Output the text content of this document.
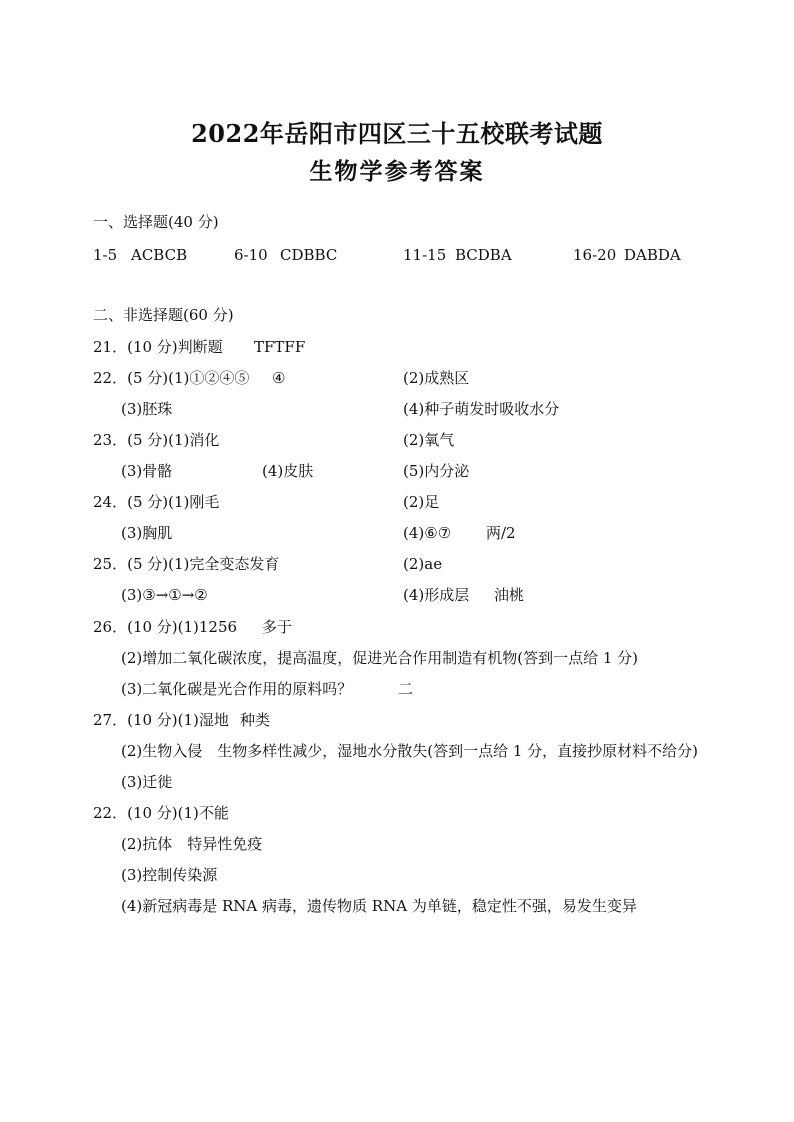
2022年岳阳市四区三十五校联考试题
生物学参考答案
一、选择题(40 分)
1-5 ACBCB	6-10 CDBBC	11-15 BCDBA	16-20 DABDA
二、非选择题(60 分)
21．(10 分)判断题 TFTFF
22．(5 分)(1)①②④⑤ ④	(2)成熟区
(3)胚珠	(4)种子萌发时吸收水分
23．(5 分)(1)消化	(2)氧气
(3)骨骼	(4)皮肤	(5)内分泌
24．(5 分)(1)刚毛	(2)足
(3)胸肌	(4)⑥⑦ 两/2
25．(5 分)(1)完全变态发育	(2)ae
(3)③→①→②	(4)形成层 油桃
26．(10 分)(1)1256 多于
(2)增加二氧化碳浓度，提高温度，促进光合作用制造有机物(答到一点给 1 分)
(3)二氧化碳是光合作用的原料吗？	二
27．(10 分)(1)湿地 种类
(2)生物入侵　生物多样性减少，湿地水分散失(答到一点给 1 分，直接抄原材料不给分)
(3)迁徙
22．(10 分)(1)不能
(2)抗体　特异性免疫
(3)控制传染源
(4)新冠病毒是 RNA 病毒，遗传物质 RNA 为单链，稳定性不强，易发生变异
